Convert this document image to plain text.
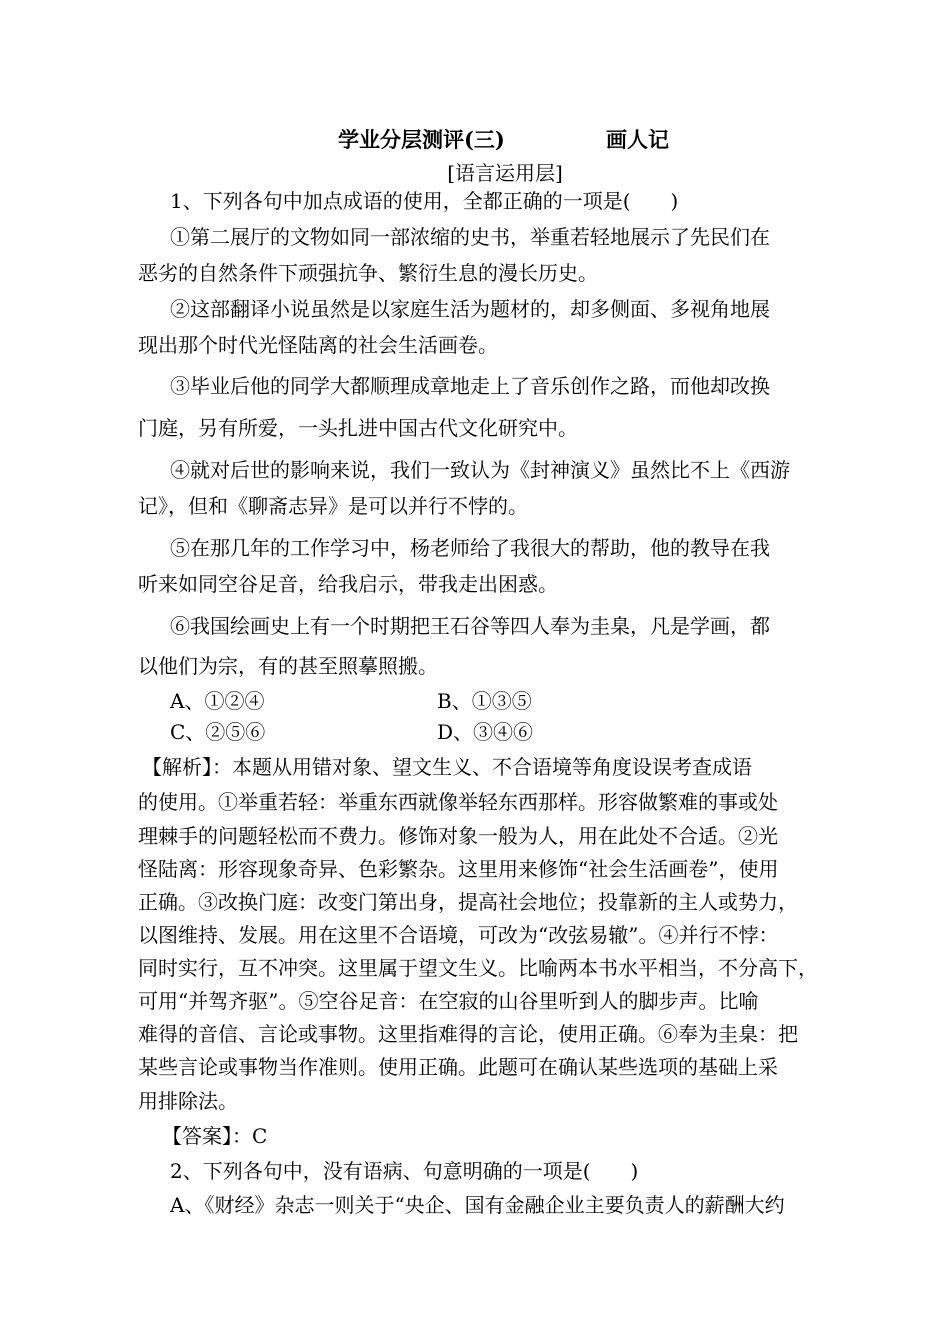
学业分层测评(三)	画人记
[语言运用层]
1、下列各句中加点成语的使用，全都正确的一项是(　　)
①第二展厅的文物如同一部浓缩的史书，举重若轻地展示了先民们在
恶劣的自然条件下顽强抗争、繁衍生息的漫长历史。
②这部翻译小说虽然是以家庭生活为题材的，却多侧面、多视角地展
现出那个时代光怪陆离的社会生活画卷。
③毕业后他的同学大都顺理成章地走上了音乐创作之路，而他却改换
门庭，另有所爱，一头扎进中国古代文化研究中。
④就对后世的影响来说，我们一致认为《封神演义》虽然比不上《西游
记》，但和《聊斋志异》是可以并行不悖的。
⑤在那几年的工作学习中，杨老师给了我很大的帮助，他的教导在我
听来如同空谷足音，给我启示，带我走出困惑。
⑥我国绘画史上有一个时期把王石谷等四人奉为圭臬，凡是学画，都
以他们为宗，有的甚至照摹照搬。
A、①②④	B、①③⑤
C、②⑤⑥	D、③④⑥
【解析】：本题从用错对象、望文生义、不合语境等角度设误考查成语
的使用。①举重若轻：举重东西就像举轻东西那样。形容做繁难的事或处
理棘手的问题轻松而不费力。修饰对象一般为人，用在此处不合适。②光
怪陆离：形容现象奇异、色彩繁杂。这里用来修饰“社会生活画卷”，使用
正确。③改换门庭：改变门第出身，提高社会地位；投靠新的主人或势力，
以图维持、发展。用在这里不合语境，可改为“改弦易辙”。④并行不悖：
同时实行，互不冲突。这里属于望文生义。比喻两本书水平相当，不分高下，
可用“并驾齐驱”。⑤空谷足音：在空寂的山谷里听到人的脚步声。比喻
难得的音信、言论或事物。这里指难得的言论，使用正确。⑥奉为圭臬：把
某些言论或事物当作准则。使用正确。此题可在确认某些选项的基础上采
用排除法。
【答案】：C
2、下列各句中，没有语病、句意明确的一项是(　　)
A、《财经》杂志一则关于“央企、国有金融企业主要负责人的薪酬大约
